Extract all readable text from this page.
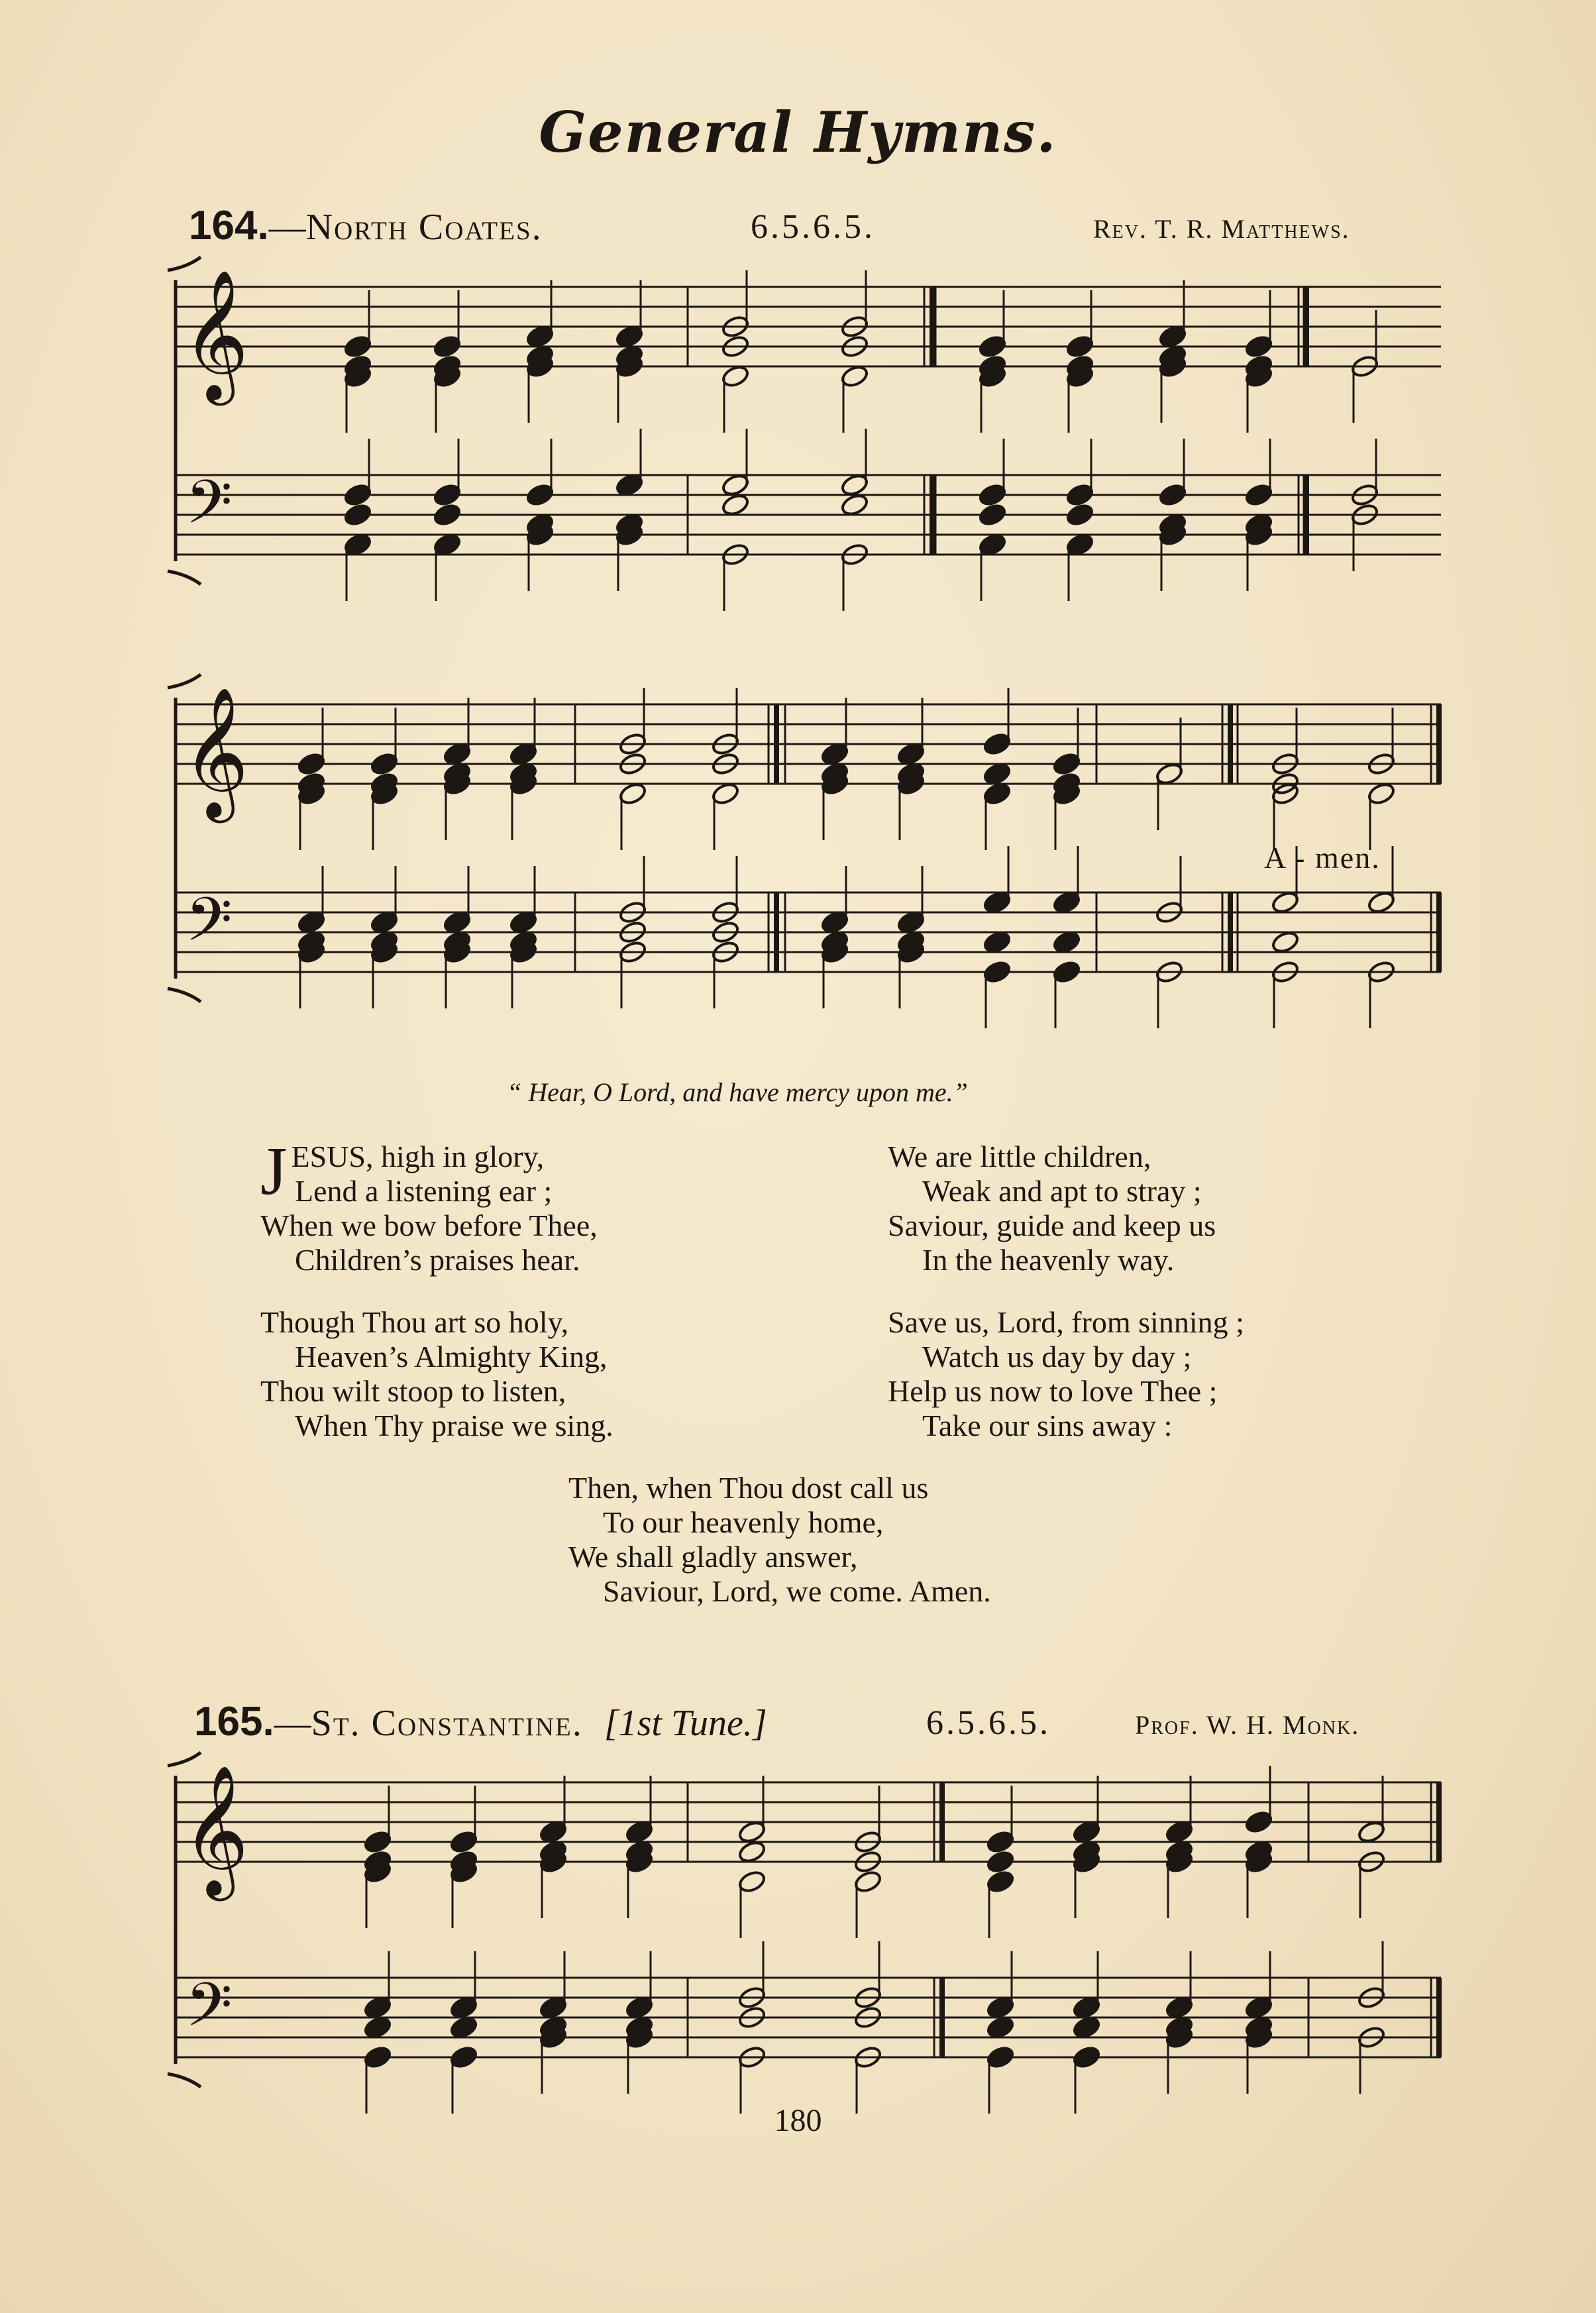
General Hymns.
164.—North Coates.	6.5.6.5.	Rev. T. R. Matthews.
𝄞
𝄢
𝄞
𝄢
𝄞
𝄢
A - men.
“ Hear, O Lord, and have mercy upon me.”
JESUS, high in glory,
Lend a listening ear ;
When we bow before Thee,
Children’s praises hear.
Though Thou art so holy,
Heaven’s Almighty King,
Thou wilt stoop to listen,
When Thy praise we sing.
We are little children,
Weak and apt to stray ;
Saviour, guide and keep us
In the heavenly way.
Save us, Lord, from sinning ;
Watch us day by day ;
Help us now to love Thee ;
Take our sins away :
Then, when Thou dost call us
To our heavenly home,
We shall gladly answer,
Saviour, Lord, we come. Amen.
165.—St. Constantine. [1st Tune.]	6.5.6.5.	Prof. W. H. Monk.
180
